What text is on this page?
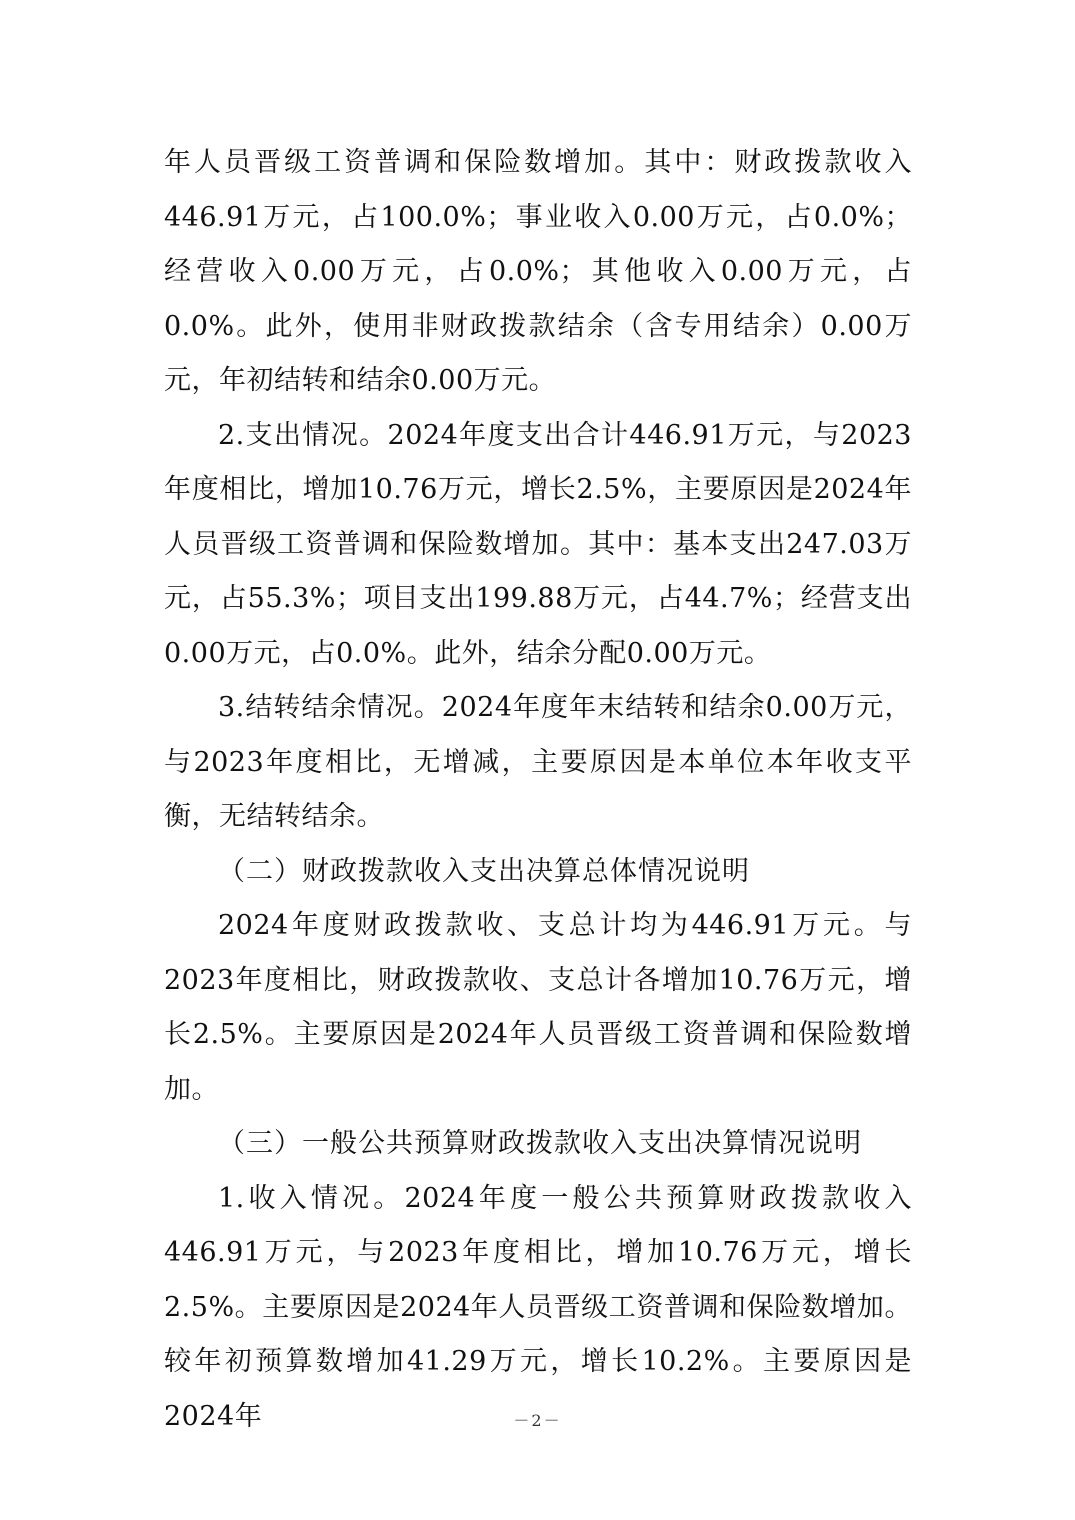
年人员晋级工资普调和保险数增加。其中：财政拨款收入446.91万元，占100.0%；事业收入0.00万元，占0.0%；经营收入0.00万元，占0.0%；其他收入0.00万元，占0.0%。此外，使用非财政拨款结余（含专用结余）0.00万元，年初结转和结余0.00万元。

2.支出情况。2024年度支出合计446.91万元，与2023年度相比，增加10.76万元，增长2.5%，主要原因是2024年人员晋级工资普调和保险数增加。其中：基本支出247.03万元，占55.3%；项目支出199.88万元，占44.7%；经营支出0.00万元，占0.0%。此外，结余分配0.00万元。

3.结转结余情况。2024年度年末结转和结余0.00万元，与2023年度相比，无增减，主要原因是本单位本年收支平衡，无结转结余。

（二）财政拨款收入支出决算总体情况说明

2024年度财政拨款收、支总计均为446.91万元。与2023年度相比，财政拨款收、支总计各增加10.76万元，增长2.5%。主要原因是2024年人员晋级工资普调和保险数增加。

（三）一般公共预算财政拨款收入支出决算情况说明

1.收入情况。2024年度一般公共预算财政拨款收入446.91万元，与2023年度相比，增加10.76万元，增长2.5%。主要原因是2024年人员晋级工资普调和保险数增加。较年初预算数增加41.29万元，增长10.2%。主要原因是2024年	－2－
